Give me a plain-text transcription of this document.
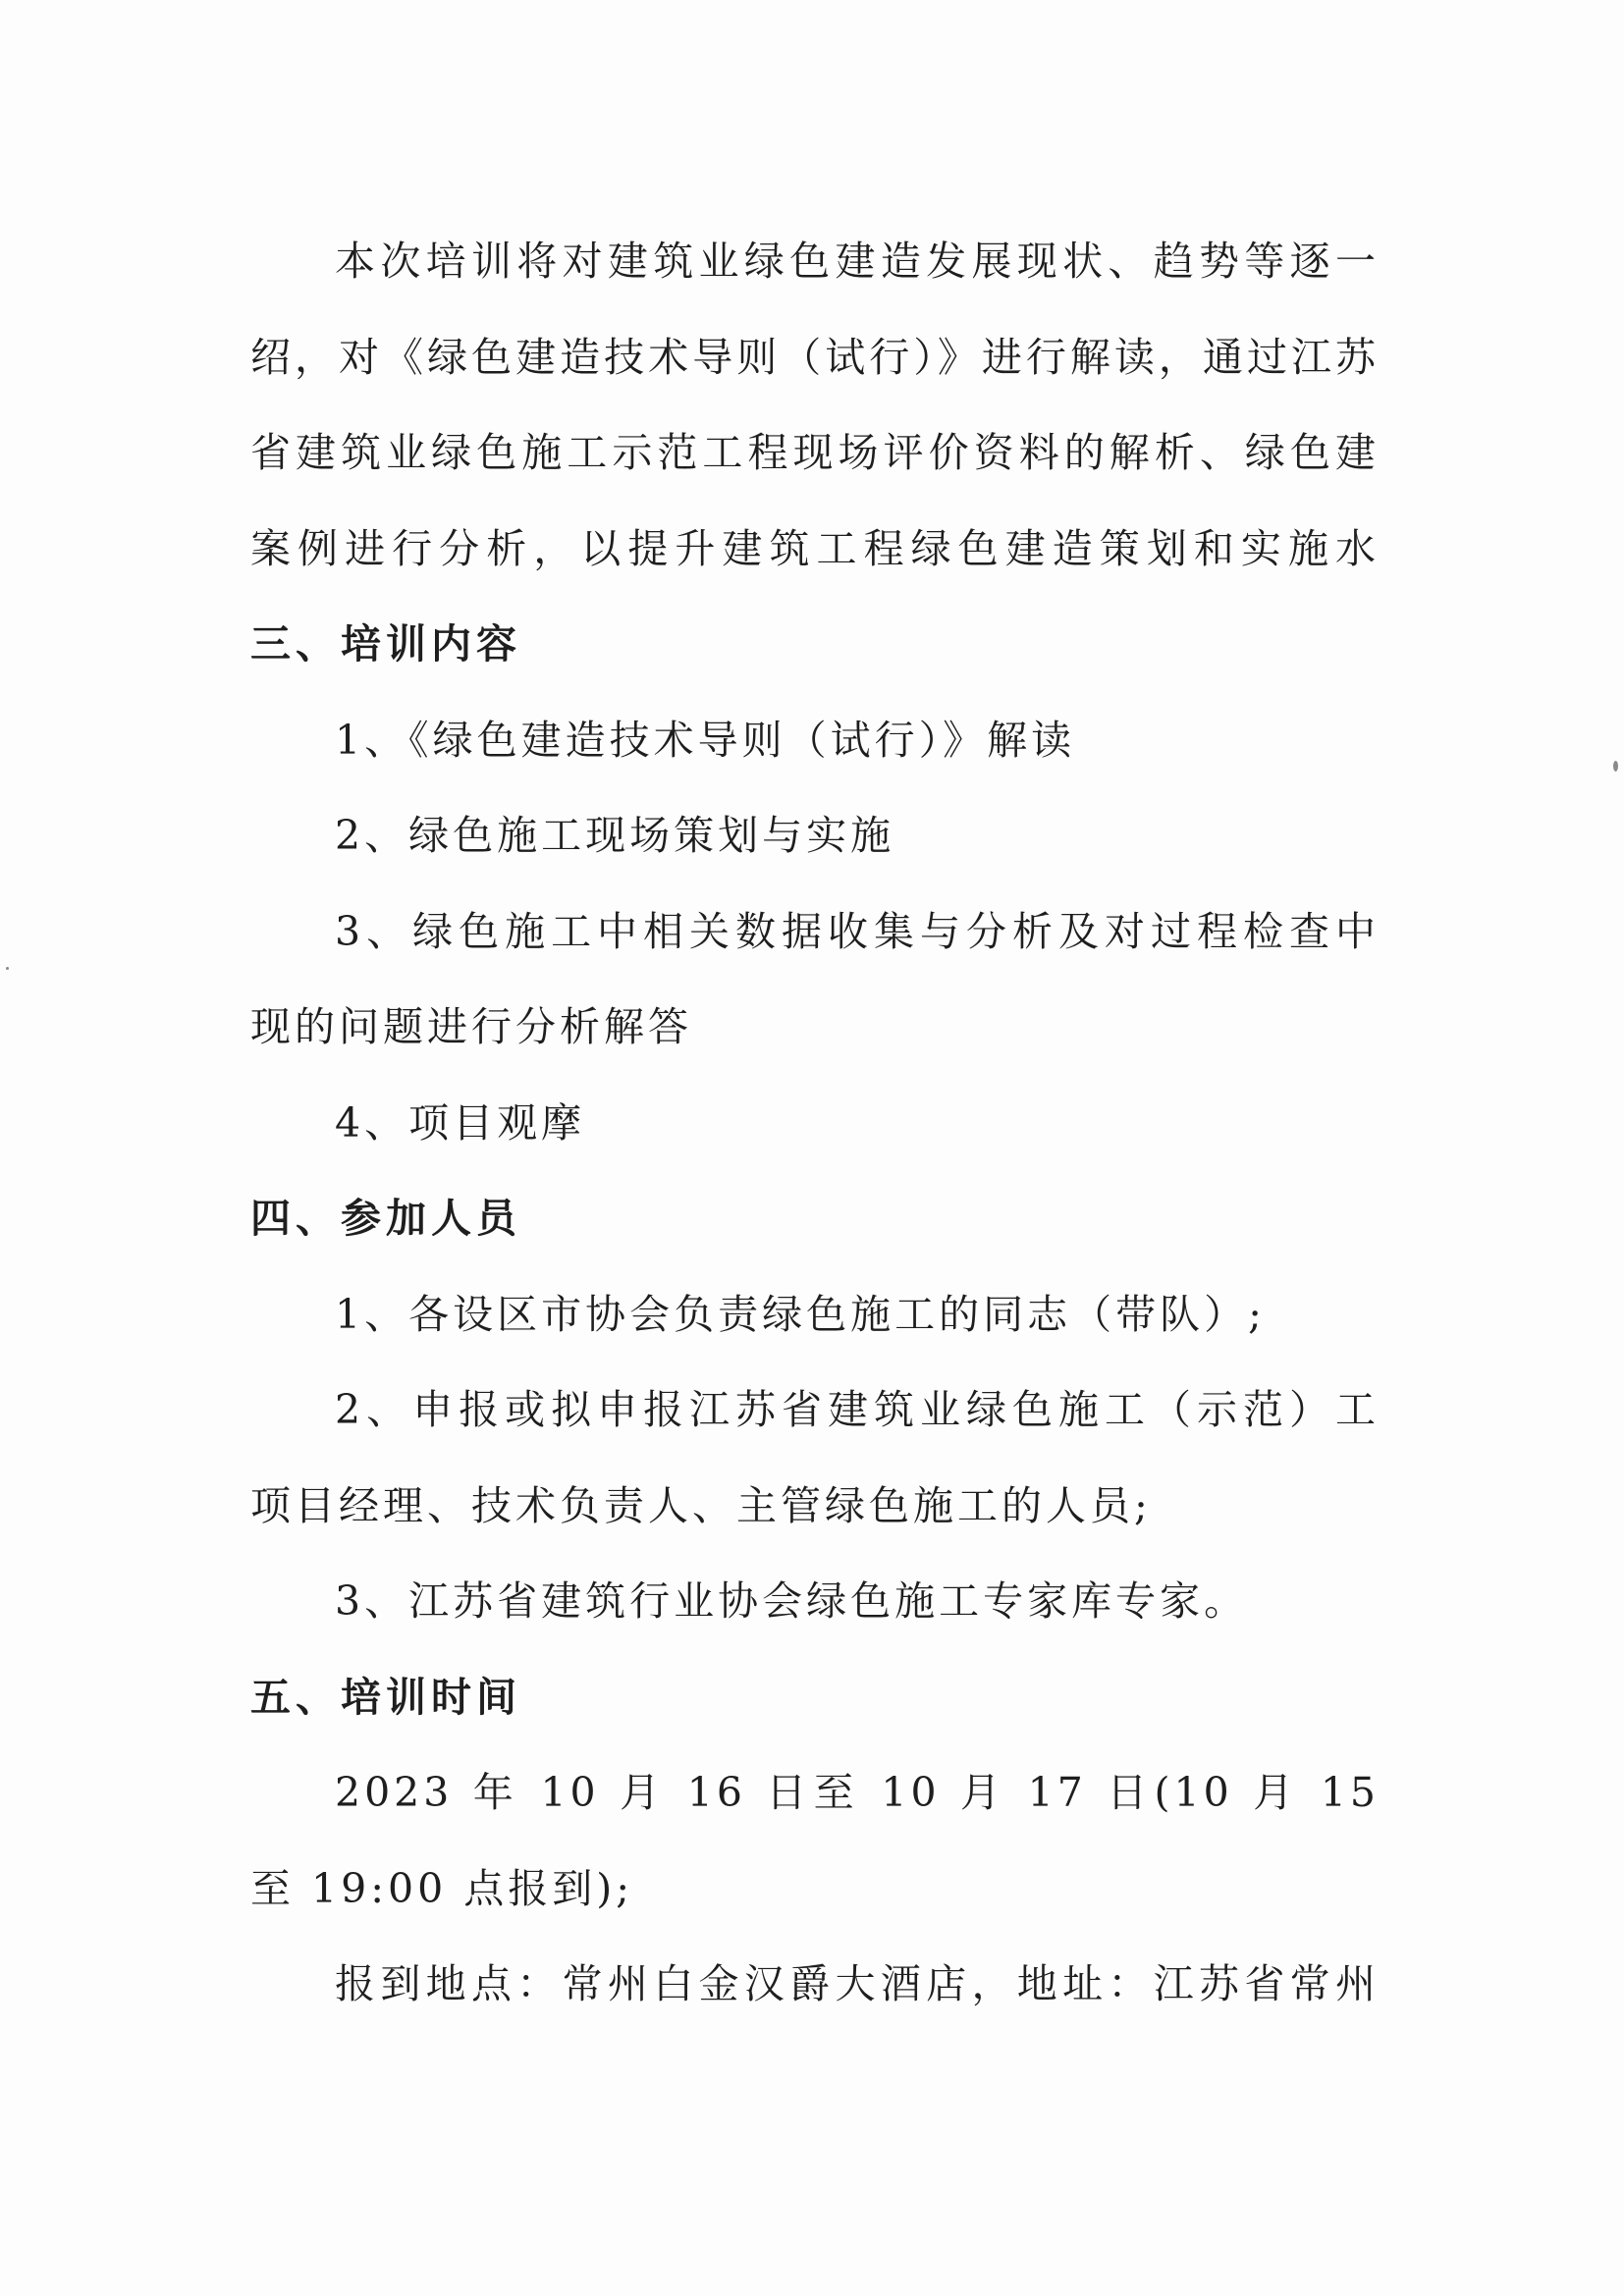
本次培训将对建筑业绿色建造发展现状、趋势等逐一
绍，对《绿色建造技术导则（试行）》进行解读，通过江苏
省建筑业绿色施工示范工程现场评价资料的解析、绿色建
案例进行分析，以提升建筑工程绿色建造策划和实施水
三、培训内容
1、《绿色建造技术导则（试行）》解读
2、绿色施工现场策划与实施
3、绿色施工中相关数据收集与分析及对过程检查中
现的问题进行分析解答
4、项目观摩
四、参加人员
1、各设区市协会负责绿色施工的同志（带队）;
2、申报或拟申报江苏省建筑业绿色施工（示范）工
项目经理、技术负责人、主管绿色施工的人员;
3、江苏省建筑行业协会绿色施工专家库专家。
五、培训时间
2023 年 10 月 16 日至 10 月 17 日(10 月 15
至 19:00 点报到);
报到地点：常州白金汉爵大酒店，地址：江苏省常州
